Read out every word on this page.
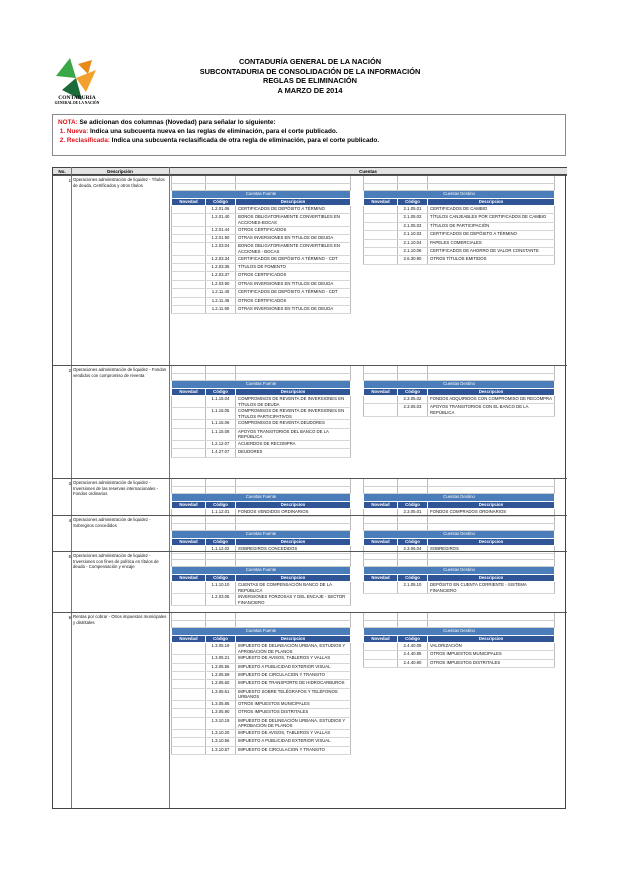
CONTADURIA
GENERAL DE LA NACIÓN
CONTADURÍA GENERAL DE LA NACIÓN
SUBCONTADURIA DE CONSOLIDACIÓN DE LA INFORMACIÓN
REGLAS DE ELIMINACIÓN
A MARZO DE 2014
NOTA: Se adicionan dos columnas (Novedad) para señalar lo siguiente:
1. Nueva: Indica una subcuenta nueva en las reglas de eliminación, para el corte publicado.
2. Reclasificada: Indica una subcuenta reclasificada de otra regla de eliminación, para el corte publicado.
No.	Descripción	Cuentas
1 Operaciones administración de liquidez - Títulos de deuda, Certificados y otros títulos

Cuentas Fuente		
Novedad	Código	Descripcion
	1.2.01.06	CERTIFICADOS DE DEPÓSITO A TÉRMINO
	1.2.01.40	BONOS OBLIGATORIAMENTE CONVERTIBLES EN ACCIONES-BOCAS
	1.2.01.44	OTROS CERTIFICADOS
	1.2.01.90	OTRAS INVERSIONES EN TITULOS DE DEUDA
	1.2.03.04	BONOS OBLIGATORIAMENTE CONVERTIBLES EN ACCIONES - BOCAS
	1.2.03.34	CERTIFICADOS DE DEPÓSITO A TÉRMINO - CDT
	1.2.03.35	TÍTULOS DE FOMENTO
	1.2.03.37	OTROS CERTIFICADOS
	1.2.03.90	OTRAS INVERSIONES EN TITULOS DE DEUDA
	1.2.11.40	CERTIFICADOS DE DEPÓSITO A TÉRMINO - CDT
	1.2.11.45	OTROS CERTIFICADOS
	1.2.11.90	OTRAS INVERSIONES EN TITULOS DE DEUDA

Cuentas Destino		
Novedad	Código	Descripcion
	2.1.05.01	CERTIFICADOS DE CAMBIO
	2.1.05.02	TÍTULOS CANJEABLES POR CERTIFICADOS DE CAMBIO
	2.1.05.03	TÍTULOS DE PARTICIPACIÓN
	2.1.10.03	CERTIFICADOS DE DEPÓSITO A TÉRMINO
	2.1.10.04	PAPELES COMERCIALES
	2.1.10.06	CERTIFICADOS DE AHORRO DE VALOR CONSTANTE
	2.6.30.90	OTROS TÍTULOS EMITIDOS
2 Operaciones administración de liquidez - Fondos vendidos con compromiso de reventa

Cuentas Fuente		
Novedad	Código	Descripcion
	1.1.15.04	COMPROMISOS DE REVENTA DE INVERSIONES EN TÍTULOS DE DEUDA
	1.1.15.05	COMPROMISOS DE REVENTA DE INVERSIONES EN TÍTULOS PARTICIPATIVOS
	1.1.15.06	COMPROMISOS DE REVENTA DEUDORES
	1.1.15.08	APOYOS TRANSITORIOS DEL BANCO DE LA REPÚBLICA
	1.2.12.07	ACUERDOS DE RECOMPRA
	1.4.27.07	DEUDORES

Cuentas Destino		
Novedad	Código	Descripcion
	2.3.05.02	FONDOS ADQUIRIDOS CON COMPROMISO DE RECOMPRA
	2.3.05.03	APOYOS TRANSITORIOS CON EL BANCO DE LA REPÚBLICA
3 Operaciones administración de liquidez - Inversiones de las reservas internacionales - Fondos ordinarios

			Cuentas Fuente		
Novedad	Código	Descripcion
	1.1.12.01	FONDOS VENDIDOS ORDINARIOS

Cuentas Destino		
Novedad	Código	Descripcion
	2.3.05.01	FONDOS COMPRADOS ORDINARIOS
4 Operaciones administración de liquidez - Sobregiros concedidos

Cuentas Fuente		
Novedad	Código	Descripcion
	1.1.12.02	SOBREGIROS CONCEDIDOS

Cuentas Destino		
Novedad	Código	Descripcion
	2.3.06.04	SOBREGIROS
5 Operaciones administración de liquidez - Inversiones con fines de política en títulos de deuda - Compensación y encaje

			Cuentas Fuente		
Novedad	Código	Descripcion
	1.1.10.10	CUENTAS DE COMPENSACIÓN BANCO DE LA REPÚBLICA
	1.2.03.05	INVERSIONES FORZOSAS Y DEL ENCAJE - SECTOR FINANCIERO

Cuentas Destino		
Novedad	Código	Descripcion
	2.1.05.10	DEPÓSITO EN CUENTA CORRIENTE - SISTEMA FINANCIERO
6 Rentas por cobrar - Otros impuestos municipales y distritales

Cuentas Fuente		
Novedad	Código	Descripcion
	1.3.05.19	IMPUESTO DE DELINEACIÓN URBANA, ESTUDIOS Y APROBACIÓN DE PLANOS
	1.3.05.21	IMPUESTO DE AVISOS, TABLEROS Y VALLAS
	1.3.05.56	IMPUESTO A PUBLICIDAD EXTERIOR VISUAL
	1.3.05.59	IMPUESTO DE CIRCULACION Y TRANSITO
	1.3.05.60	IMPUESTO DE TRANSPORTE DE HIDROCARBUROS
	1.3.05.61	IMPUESTO SOBRE TELÉGRAFOS Y TELÉFONOS URBANOS
	1.3.05.85	OTROS IMPUESTOS MUNICIPALES
	1.3.05.90	OTROS IMPUESTOS DISTRITALES
	1.3.10.19	IMPUESTO DE DELINEACIÓN URBANA, ESTUDIOS Y APROBACIÓN DE PLANOS
	1.3.10.20	IMPUESTO DE AVISOS, TABLEROS Y VALLAS
	1.3.10.56	IMPUESTO A PUBLICIDAD EXTERIOR VISUAL
	1.3.10.57	IMPUESTO DE CIRCULACION Y TRANSITO

Cuentas Destino		
Novedad	Código	Descripcion
	2.4.40.05	VALORIZACIÓN
	2.4.40.85	OTROS IMPUESTOS MUNICIPALES
	2.4.40.90	OTROS IMPUESTOS DISTRITALES
